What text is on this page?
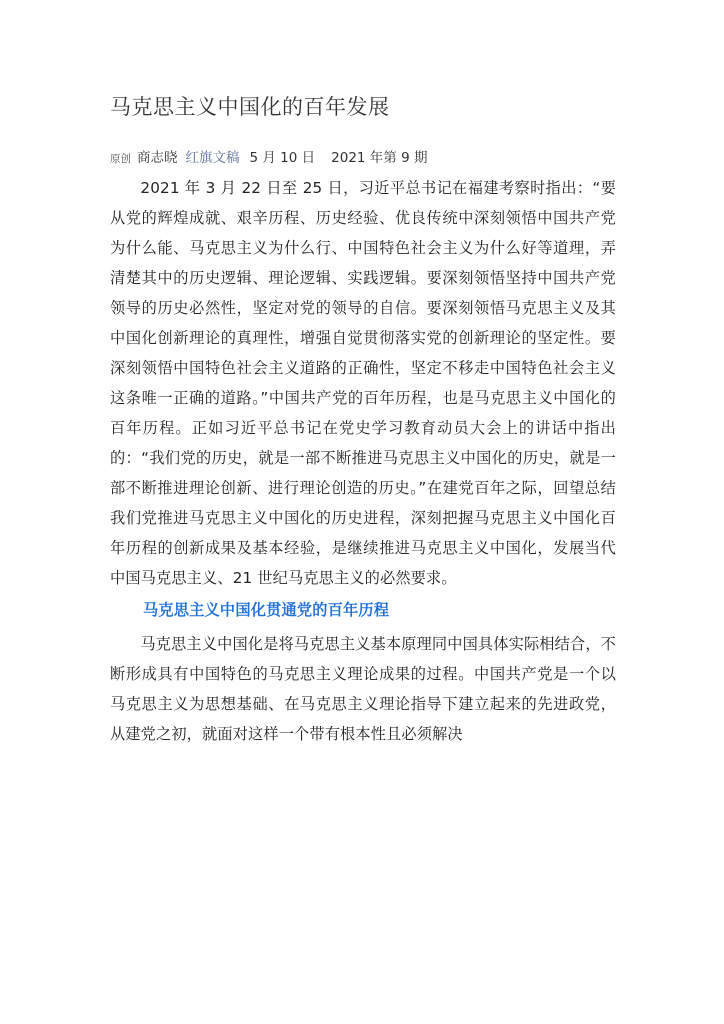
马克思主义中国化的百年发展
原创 商志晓 红旗文稿 5 月 10 日 2021 年第 9 期

2021 年 3 月 22 日至 25 日，习近平总书记在福建考察时指出：“要从党的辉煌成就、艰辛历程、历史经验、优良传统中深刻领悟中国共产党为什么能、马克思主义为什么行、中国特色社会主义为什么好等道理，弄清楚其中的历史逻辑、理论逻辑、实践逻辑。要深刻领悟坚持中国共产党领导的历史必然性，坚定对党的领导的自信。要深刻领悟马克思主义及其中国化创新理论的真理性，增强自觉贯彻落实党的创新理论的坚定性。要深刻领悟中国特色社会主义道路的正确性，坚定不移走中国特色社会主义这条唯一正确的道路。”中国共产党的百年历程，也是马克思主义中国化的百年历程。正如习近平总书记在党史学习教育动员大会上的讲话中指出的：“我们党的历史，就是一部不断推进马克思主义中国化的历史，就是一部不断推进理论创新、进行理论创造的历史。”在建党百年之际，回望总结我们党推进马克思主义中国化的历史进程，深刻把握马克思主义中国化百年历程的创新成果及基本经验，是继续推进马克思主义中国化，发展当代中国马克思主义、21 世纪马克思主义的必然要求。

马克思主义中国化贯通党的百年历程

马克思主义中国化是将马克思主义基本原理同中国具体实际相结合，不断形成具有中国特色的马克思主义理论成果的过程。中国共产党是一个以马克思主义为思想基础、在马克思主义理论指导下建立起来的先进政党，从建党之初，就面对这样一个带有根本性且必须解决
